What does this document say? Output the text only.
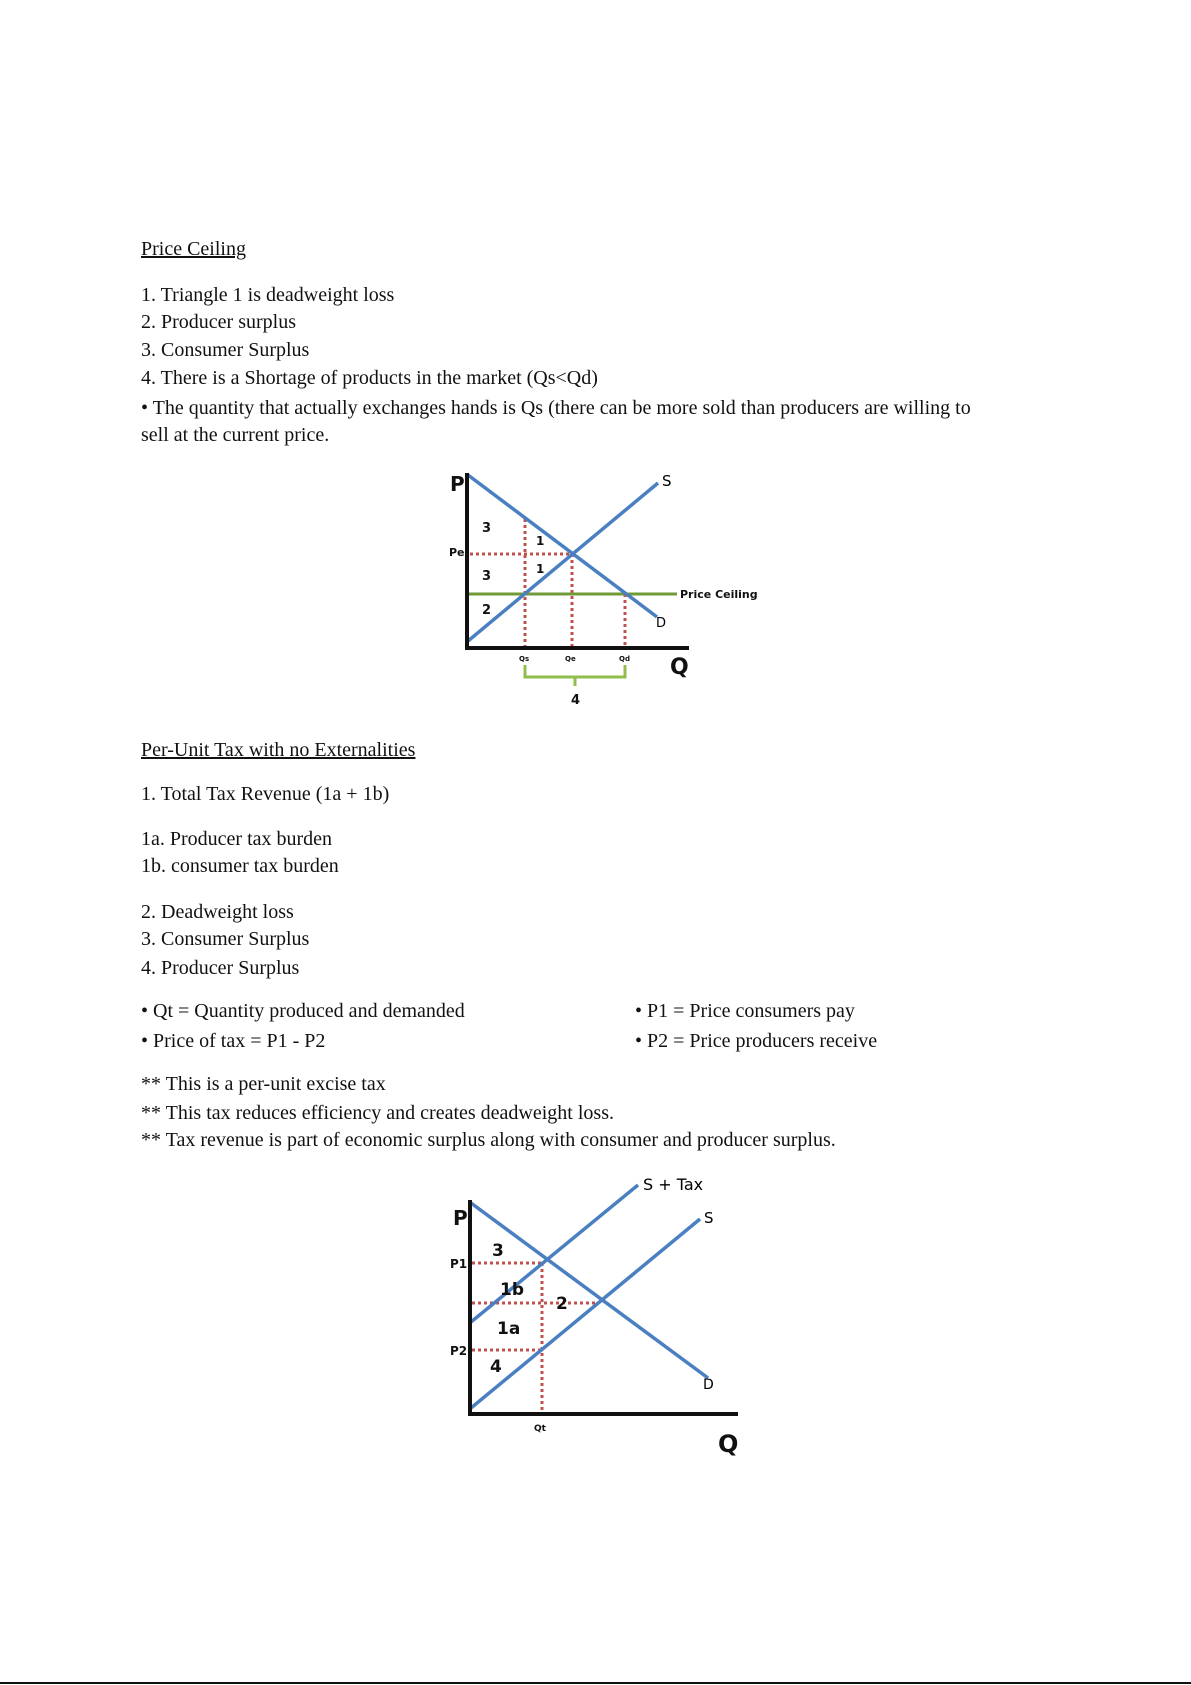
Price Ceiling
1. Triangle 1 is deadweight loss
2. Producer surplus
3. Consumer Surplus
4. There is a Shortage of products in the market (Qs<Qd)
• The quantity that actually exchanges hands is Qs (there can be more sold than producers are willing to
sell at the current price.
P
Q
S
D
Pe
Price Ceiling
Qs	Qe	Qd
3
1
3	1
2
4
P
Q
S + Tax
S
D
P1
P2
Qt
3
1b
1a
2
4
Per-Unit Tax with no Externalities
1. Total Tax Revenue (1a + 1b)
1a. Producer tax burden
1b. consumer tax burden
2. Deadweight loss
3. Consumer Surplus
4. Producer Surplus
• Qt = Quantity produced and demanded
• Price of tax = P1 - P2
• P1 = Price consumers pay
• P2 = Price producers receive
** This is a per-unit excise tax
** This tax reduces efficiency and creates deadweight loss.
** Tax revenue is part of economic surplus along with consumer and producer surplus.
